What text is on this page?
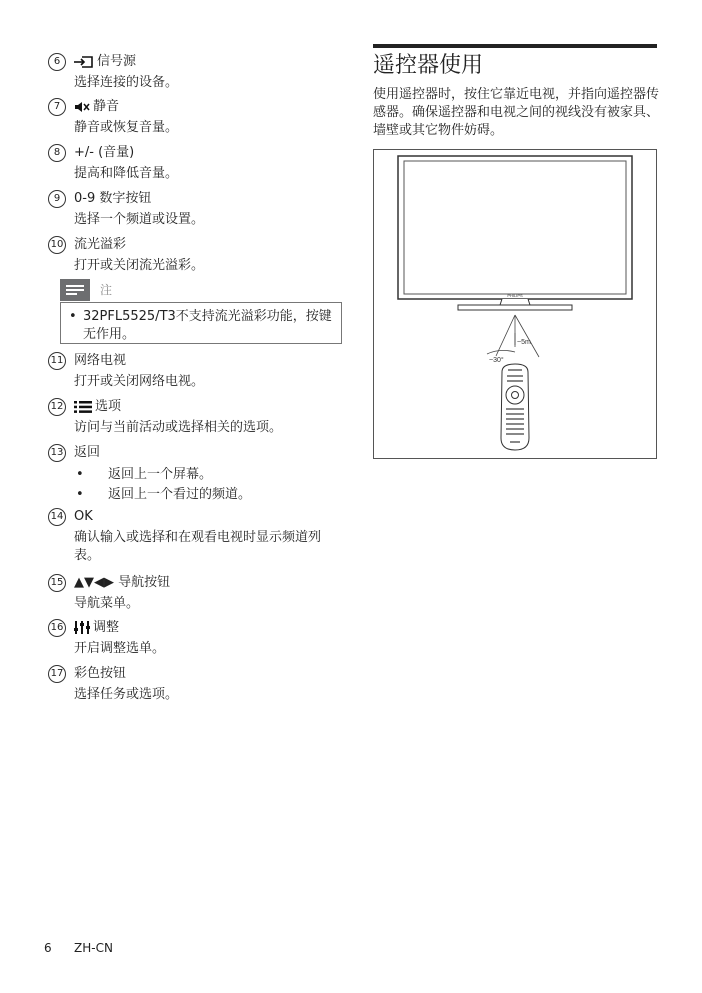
6	信号源
选择连接的设备。
7	静音
静音或恢复音量。
8	+/- (音量)
提高和降低音量。
9	0-9 数字按钮
选择一个频道或设置。
10 流光溢彩
打开或关闭流光溢彩。
注
• 32PFL5525/T3不支持流光溢彩功能，按键无作用。
11 网络电视
打开或关闭网络电视。
12	选项
访问与当前活动或选择相关的选项。
13 返回
• 返回上一个屏幕。
• 返回上一个看过的频道。
14 OK
确认输入或选择和在观看电视时显示频道列表。
15 ▲▼◀▶ 导航按钮
导航菜单。
16	调整
开启调整选单。
17 彩色按钮
选择任务或选项。
遥控器使用
使用遥控器时，按住它靠近电视，并指向遥控器传感器。确保遥控器和电视之间的视线没有被家具、墙壁或其它物件妨碍。
PHILIPS
~5m
~30°
6 ZH-CN
